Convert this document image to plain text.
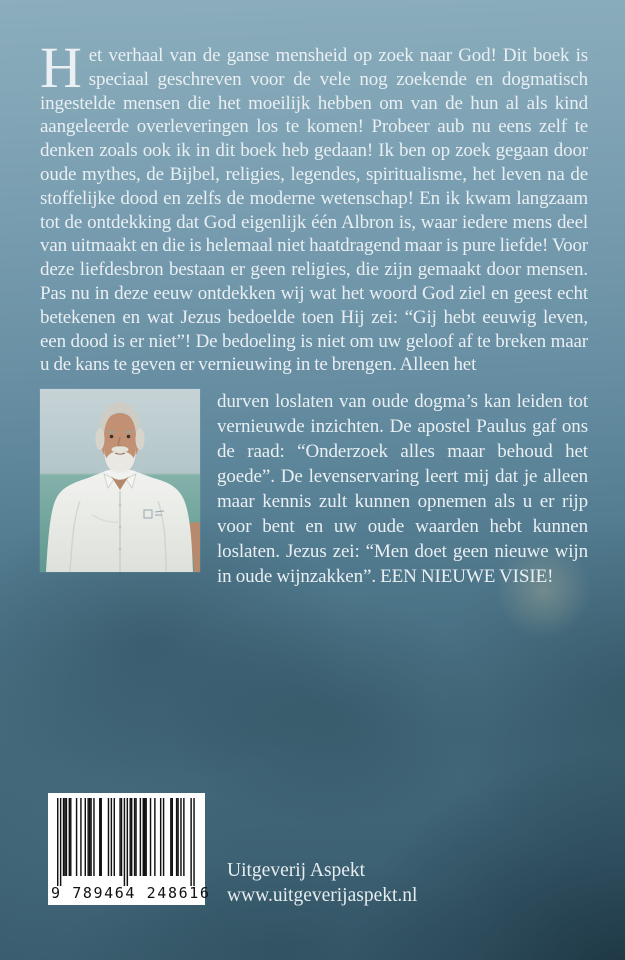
Het verhaal van de ganse mensheid op zoek naar God! Dit boek is speciaal geschreven voor de vele nog zoekende en dogmatisch ingestelde mensen die het moeilijk hebben om van de hun al als kind aangeleerde overleveringen los te komen! Probeer aub nu eens zelf te denken zoals ook ik in dit boek heb gedaan! Ik ben op zoek gegaan door oude mythes, de Bijbel, religies, legendes, spiritualisme, het leven na de stoffelijke dood en zelfs de moderne wetenschap! En ik kwam langzaam tot de ontdekking dat God eigenlijk één Albron is, waar iedere mens deel van uitmaakt en die is helemaal niet haatdragend maar is pure liefde! Voor deze liefdesbron bestaan er geen religies, die zijn gemaakt door mensen. Pas nu in deze eeuw ontdekken wij wat het woord God ziel en geest echt betekenen en wat Jezus bedoelde toen Hij zei: “Gij hebt eeuwig leven, een dood is er niet”! De bedoeling is niet om uw geloof af te breken maar u de kans te geven er vernieuwing in te brengen. Alleen het

durven loslaten van oude dogma’s kan leiden tot vernieuwde inzichten. De apostel Paulus gaf ons de raad: “Onderzoek alles maar behoud het goede”. De levenservaring leert mij dat je alleen maar kennis zult kunnen opnemen als u er rijp voor bent en uw oude waarden hebt kunnen loslaten. Jezus zei: “Men doet geen nieuwe wijn in oude wijnzakken”. EEN NIEUWE VISIE!

9 789464 248616
Uitgeverij Aspekt
www.uitgeverijaspekt.nl
